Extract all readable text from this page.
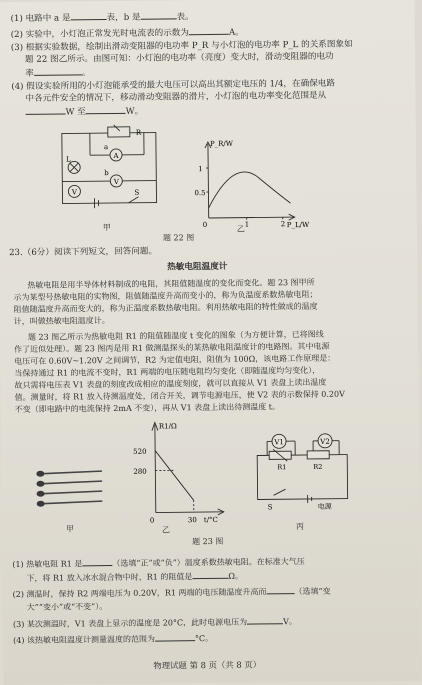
(1) 电路中 a 是	表，b 是	表。
(2) 实验中，小灯泡正常发光时电流表的示数为	A。
(3) 根据实验数据，绘制出滑动变阻器的电功率 P_R 与小灯泡的电功率 P_L 的关系图象如
题 22 图乙所示。由图可知：小灯泡的电功率（亮度）变大时，滑动变阻器的电功
率	。
(4) 假设实验所用的小灯泡能承受的最大电压可以高出其额定电压的 1/4，在确保电路
中各元件安全的情况下，移动滑动变阻器的滑片，小灯泡的电功率变化范围是从
W 至	W。
A
V
V
R
L
S
a
b
甲
P_R/W
P_L/W
1
0.5
0	1	2
乙
题 22 图
23.（6分）阅读下列短文，回答问题。
热敏电阻温度计
热敏电阻是用半导体材料制成的电阻，其阻值随温度的变化而变化。题 23 图甲所
示为某型号热敏电阻的实物图，阻值随温度升高而变小的，称为负温度系数热敏电阻；
阻值随温度升高而变大的，称为正温度系数热敏电阻。利用热敏电阻的特性做成的温度
计，叫做热敏电阻温度计。
题 23 图乙所示为热敏电阻 R1 的阻值随温度 t 变化的图象（为方便计算，已将图线
作了近似处理）。题 23 图丙是用 R1 做测温探头的某热敏电阻温度计的电路图。其中电源
电压可在 0.60V~1.20V 之间调节，R2 为定值电阻，阻值为 100Ω，该电路工作原理是：
当保持通过 R1 的电流不变时，R1 两端的电压随电阻均匀变化（即随温度均匀变化），
故只需将电压表 V1 表盘的刻度改成相应的温度刻度，就可以直接从 V1 表盘上读出温度
值。测量时，将 R1 放入待测温度处，闭合开关，调节电源电压，使 V2 表的示数保持 0.20V
不变（即电路中的电流保持 2mA 不变），再从 V1 表盘上读出待测温度 t。
甲
R1/Ω
520
280
0	30 t/°C
乙
V1	V2
R1	R2
S	电源
丙
题 23 图
(1) 热敏电阻 R1 是	（选填“正”或“负”）温度系数热敏电阻。在标准大气压
下，将 R1 放入冰水混合物中时，R1 的阻值是	Ω。
(2) 测温时，保持 R2 两端电压为 0.20V，R1 两端的电压随温度升高而	（选填“变
大”“变小”或“不变”）。
(3) 某次测温时，V1 表盘上显示的温度是 20°C，此时电源电压为	V。
(4) 该热敏电阻温度计测量温度的范围为	°C。
物理试题 第 8 页（共 8 页）
